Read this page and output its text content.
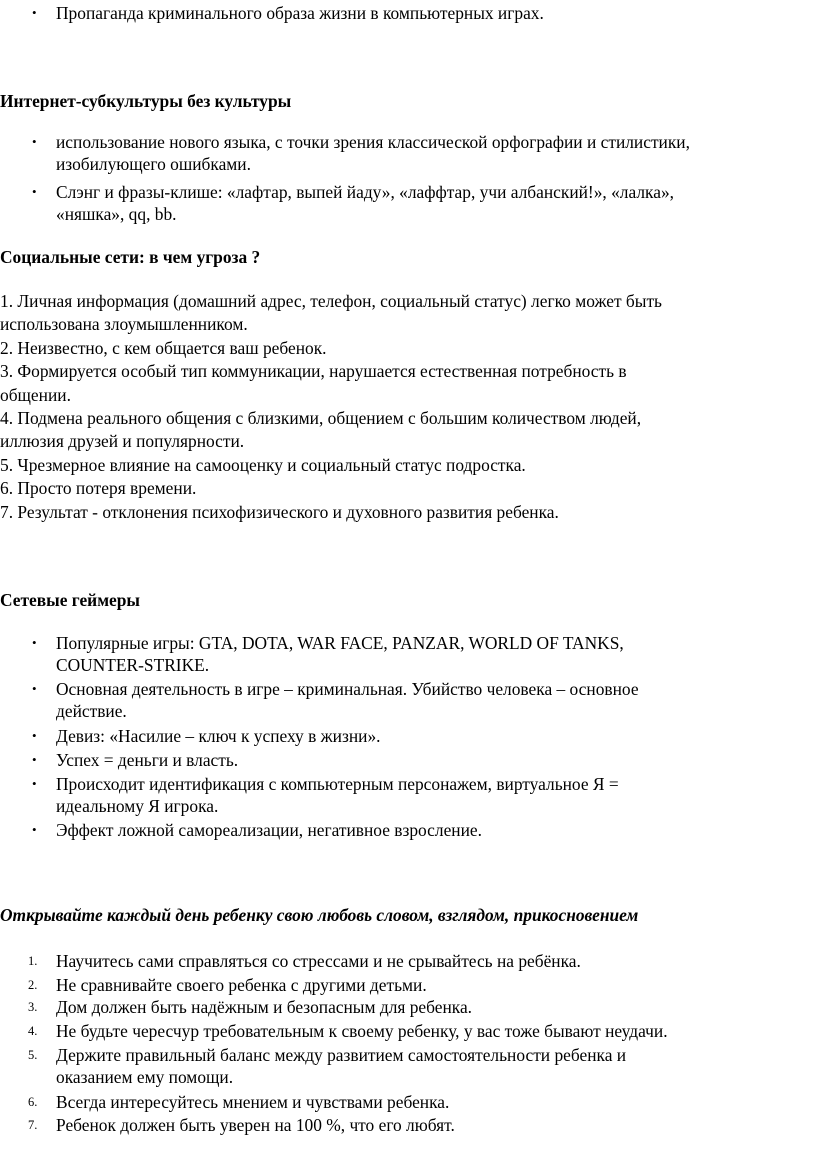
• Пропаганда криминального образа жизни в компьютерных играх.
Интернет-субкультуры без культуры
• использование нового языка, с точки зрения классической орфографии и стилистики,
изобилующего ошибками.
• Слэнг и фразы-клише: «лафтар, выпей йаду», «лаффтар, учи албанский!», «лалка»,
«няшка», qq, bb.
Социальные сети: в чем угроза ?
1. Личная информация (домашний адрес, телефон, социальный статус) легко может быть
использована злоумышленником.
2. Неизвестно, с кем общается ваш ребенок.
3. Формируется особый тип коммуникации, нарушается естественная потребность в
общении.
4. Подмена реального общения с близкими, общением с большим количеством людей,
иллюзия друзей и популярности.
5. Чрезмерное влияние на самооценку и социальный статус подростка.
6. Просто потеря времени.
7. Результат - отклонения психофизического и духовного развития ребенка.
Сетевые геймеры
• Популярные игры: GTA, DOTA, WAR FACE, PANZAR, WORLD OF TANKS,
COUNTER-STRIKE.
• Основная деятельность в игре – криминальная. Убийство человека – основное
действие.
• Девиз: «Насилие – ключ к успеху в жизни».
• Успех = деньги и власть.
• Происходит идентификация с компьютерным персонажем, виртуальное Я =
идеальному Я игрока.
• Эффект ложной самореализации, негативное взросление.
Открывайте каждый день ребенку свою любовь словом, взглядом, прикосновением
1. Научитесь сами справляться со стрессами и не срывайтесь на ребёнка.
2. Не сравнивайте своего ребенка с другими детьми.
3. Дом должен быть надёжным и безопасным для ребенка.
4. Не будьте чересчур требовательным к своему ребенку, у вас тоже бывают неудачи.
5. Держите правильный баланс между развитием самостоятельности ребенка и
оказанием ему помощи.
6. Всегда интересуйтесь мнением и чувствами ребенка.
7. Ребенок должен быть уверен на 100 %, что его любят.
